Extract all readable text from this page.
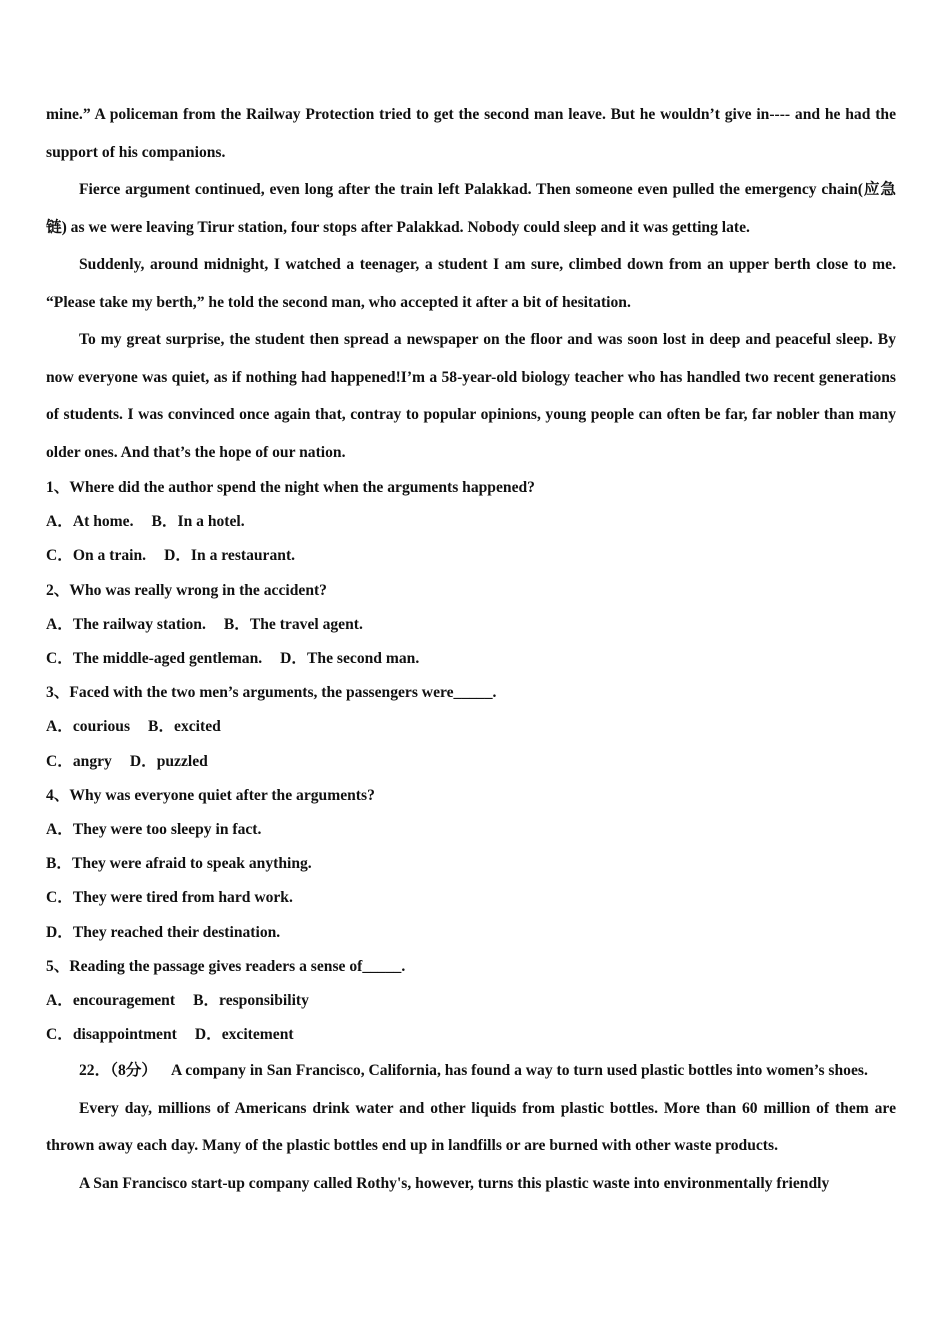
mine.” A policeman from the Railway Protection tried to get the second man leave. But he wouldn’t give in---- and he had the support of his companions.

Fierce argument continued, even long after the train left Palakkad. Then someone even pulled the emergency chain(应急链) as we were leaving Tirur station, four stops after Palakkad. Nobody could sleep and it was getting late.

Suddenly, around midnight, I watched a teenager, a student I am sure, climbed down from an upper berth close to me. “Please take my berth,” he told the second man, who accepted it after a bit of hesitation.

To my great surprise, the student then spread a newspaper on the floor and was soon lost in deep and peaceful sleep. By now everyone was quiet, as if nothing had happened!I’m a 58-year-old biology teacher who has handled two recent generations of students. I was convinced once again that, contray to popular opinions, young people can often be far, far nobler than many older ones. And that’s the hope of our nation.

1、Where did the author spend the night when the arguments happened?

A．At home. B．In a hotel.

C．On a train. D．In a restaurant.

2、Who was really wrong in the accident?

A．The railway station. B．The travel agent.

C．The middle-aged gentleman. D．The second man.

3、Faced with the two men’s arguments, the passengers were_____.

A．courious B．excited

C．angry D．puzzled

4、Why was everyone quiet after the arguments?

A．They were too sleepy in fact.

B．They were afraid to speak anything.

C．They were tired from hard work.

D．They reached their destination.

5、Reading the passage gives readers a sense of_____.

A．encouragement B．responsibility

C．disappointment D．excitement

22．（8分） A company in San Francisco, California, has found a way to turn used plastic bottles into women’s shoes.

Every day, millions of Americans drink water and other liquids from plastic bottles. More than 60 million of them are thrown away each day. Many of the plastic bottles end up in landfills or are burned with other waste products.

A San Francisco start-up company called Rothy's, however, turns this plastic waste into environmentally friendly
